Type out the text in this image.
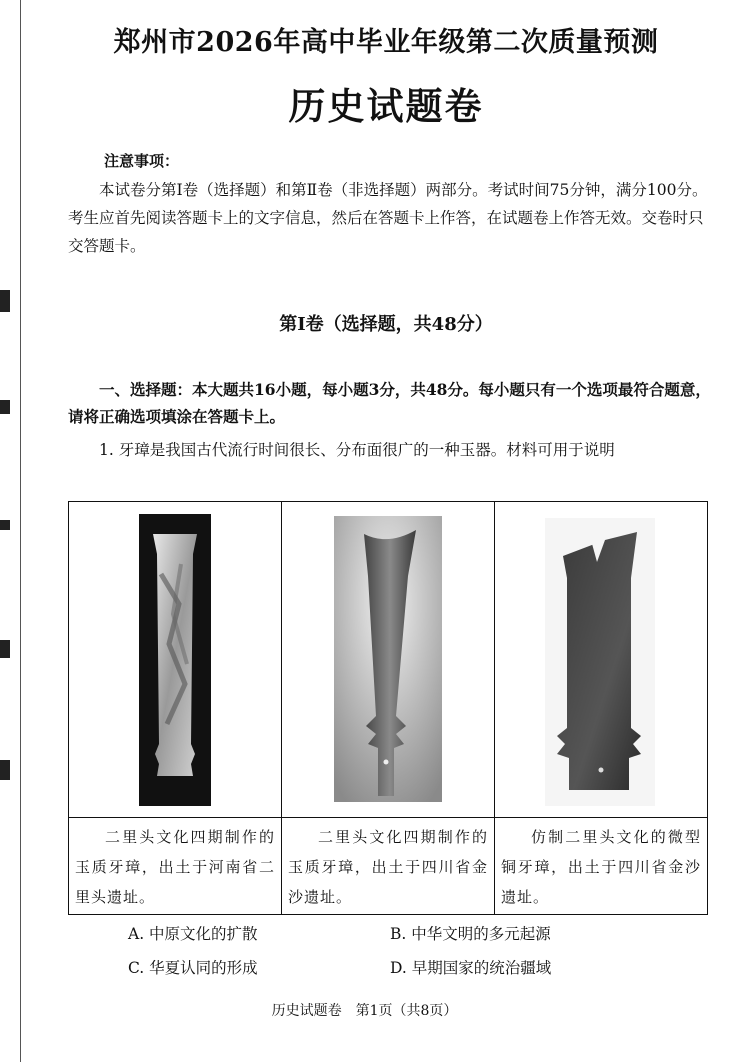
郑州市2026年高中毕业年级第二次质量预测
历史试题卷
注意事项：
本试卷分第Ⅰ卷（选择题）和第Ⅱ卷（非选择题）两部分。考试时间75分钟，满分100分。考生应首先阅读答题卡上的文字信息，然后在答题卡上作答，在试题卷上作答无效。交卷时只交答题卡。
第Ⅰ卷（选择题，共48分）
一、选择题：本大题共16小题，每小题3分，共48分。每小题只有一个选项最符合题意，请将正确选项填涂在答题卡上。
1. 牙璋是我国古代流行时间很长、分布面很广的一种玉器。材料可用于说明
二里头文化四期制作的玉质牙璋，出土于河南省二里头遗址。
二里头文化四期制作的玉质牙璋，出土于四川省金沙遗址。
仿制二里头文化的微型铜牙璋，出土于四川省金沙遗址。
A. 中原文化的扩散	B. 中华文明的多元起源
C. 华夏认同的形成	D. 早期国家的统治疆域
历史试题卷　第1页（共8页）
